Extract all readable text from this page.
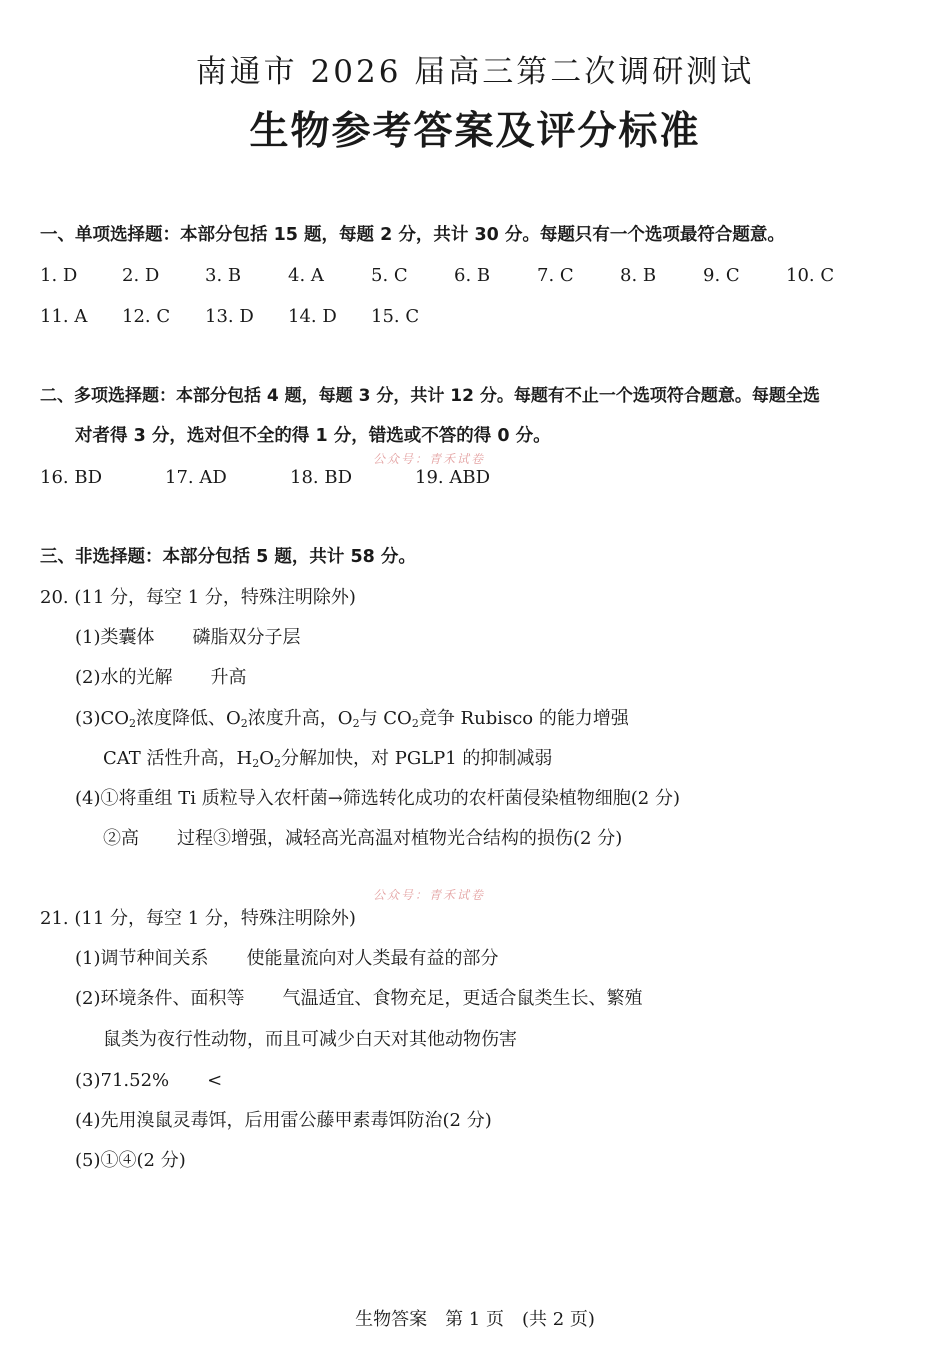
南通市 2026 届高三第二次调研测试
生物参考答案及评分标准
一、单项选择题：本部分包括 15 题，每题 2 分，共计 30 分。每题只有一个选项最符合题意。
1. D 2. D	3. B	4. A	5. C	6. B	7. C	8. B	9. C	10. C
11. A 12. C 13. D 14. D 15. C
二、多项选择题：本部分包括 4 题，每题 3 分，共计 12 分。每题有不止一个选项符合题意。每题全选
对者得 3 分，选对但不全的得 1 分，错选或不答的得 0 分。
公众号：青禾试卷
16. BD	17. AD	18. BD	19. ABD
三、非选择题：本部分包括 5 题，共计 58 分。
20. (11 分，每空 1 分，特殊注明除外)
(1)类囊体 磷脂双分子层
(2)水的光解 升高
$(3)CO_2$浓度降低、$O_2$浓度升高，$O_2$与 $CO_2$竞争 Rubisco 的能力增强
CAT 活性升高，$H_2O_2$分解加快，对 PGLP1 的抑制减弱
(4)①将重组 Ti 质粒导入农杆菌→筛选转化成功的农杆菌侵染植物细胞(2 分)
②高 过程③增强，减轻高光高温对植物光合结构的损伤(2 分)
公众号：青禾试卷
21. (11 分，每空 1 分，特殊注明除外)
(1)调节种间关系 使能量流向对人类最有益的部分
(2)环境条件、面积等 气温适宜、食物充足，更适合鼠类生长、繁殖
鼠类为夜行性动物，而且可减少白天对其他动物伤害
(3)71.52% <
(4)先用溴鼠灵毒饵，后用雷公藤甲素毒饵防治(2 分)
(5)①④(2 分)
生物答案　第 1 页　(共 2 页)
